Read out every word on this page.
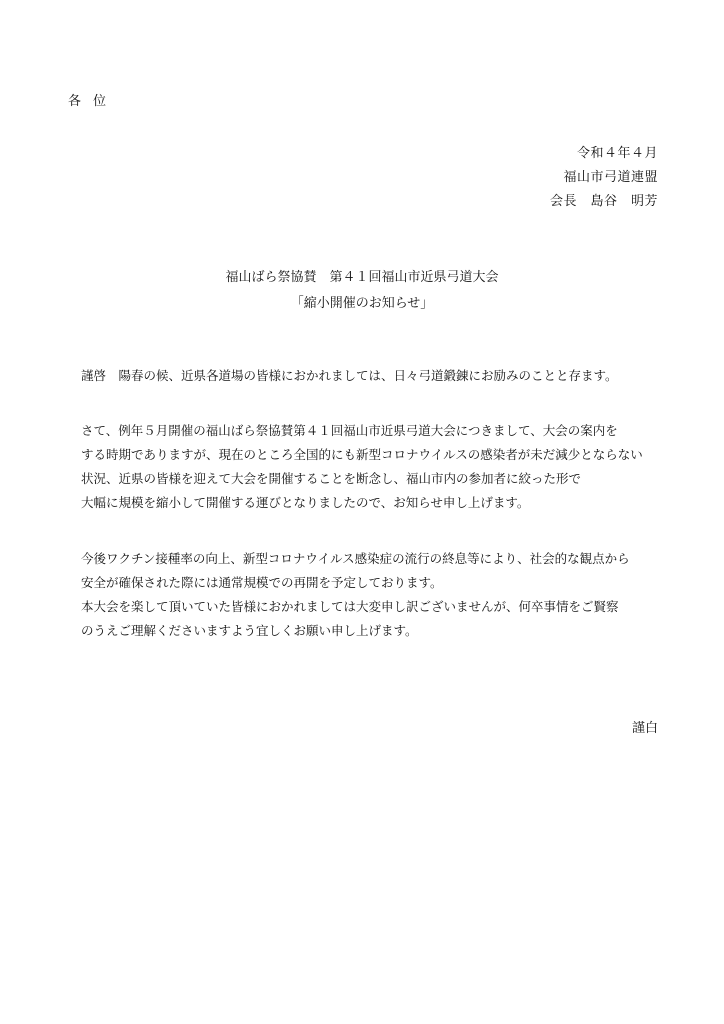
各位
令和４年４月
福山市弓道連盟
会長　島谷　明芳
福山ばら祭協賛　第４１回福山市近県弓道大会
「縮小開催のお知らせ」
謹啓　陽春の候、近県各道場の皆様におかれましては、日々弓道鍛錬にお励みのことと存ます。
さて、例年５月開催の福山ばら祭協賛第４１回福山市近県弓道大会につきまして、大会の案内を
する時期でありますが、現在のところ全国的にも新型コロナウイルスの感染者が未だ減少とならない
状況、近県の皆様を迎えて大会を開催することを断念し、福山市内の参加者に絞った形で
大幅に規模を縮小して開催する運びとなりましたので、お知らせ申し上げます。
今後ワクチン接種率の向上、新型コロナウイルス感染症の流行の終息等により、社会的な観点から
安全が確保された際には通常規模での再開を予定しております。
本大会を楽して頂いていた皆様におかれましては大変申し訳ございませんが、何卒事情をご賢察
のうえご理解くださいますよう宜しくお願い申し上げます。
謹白
